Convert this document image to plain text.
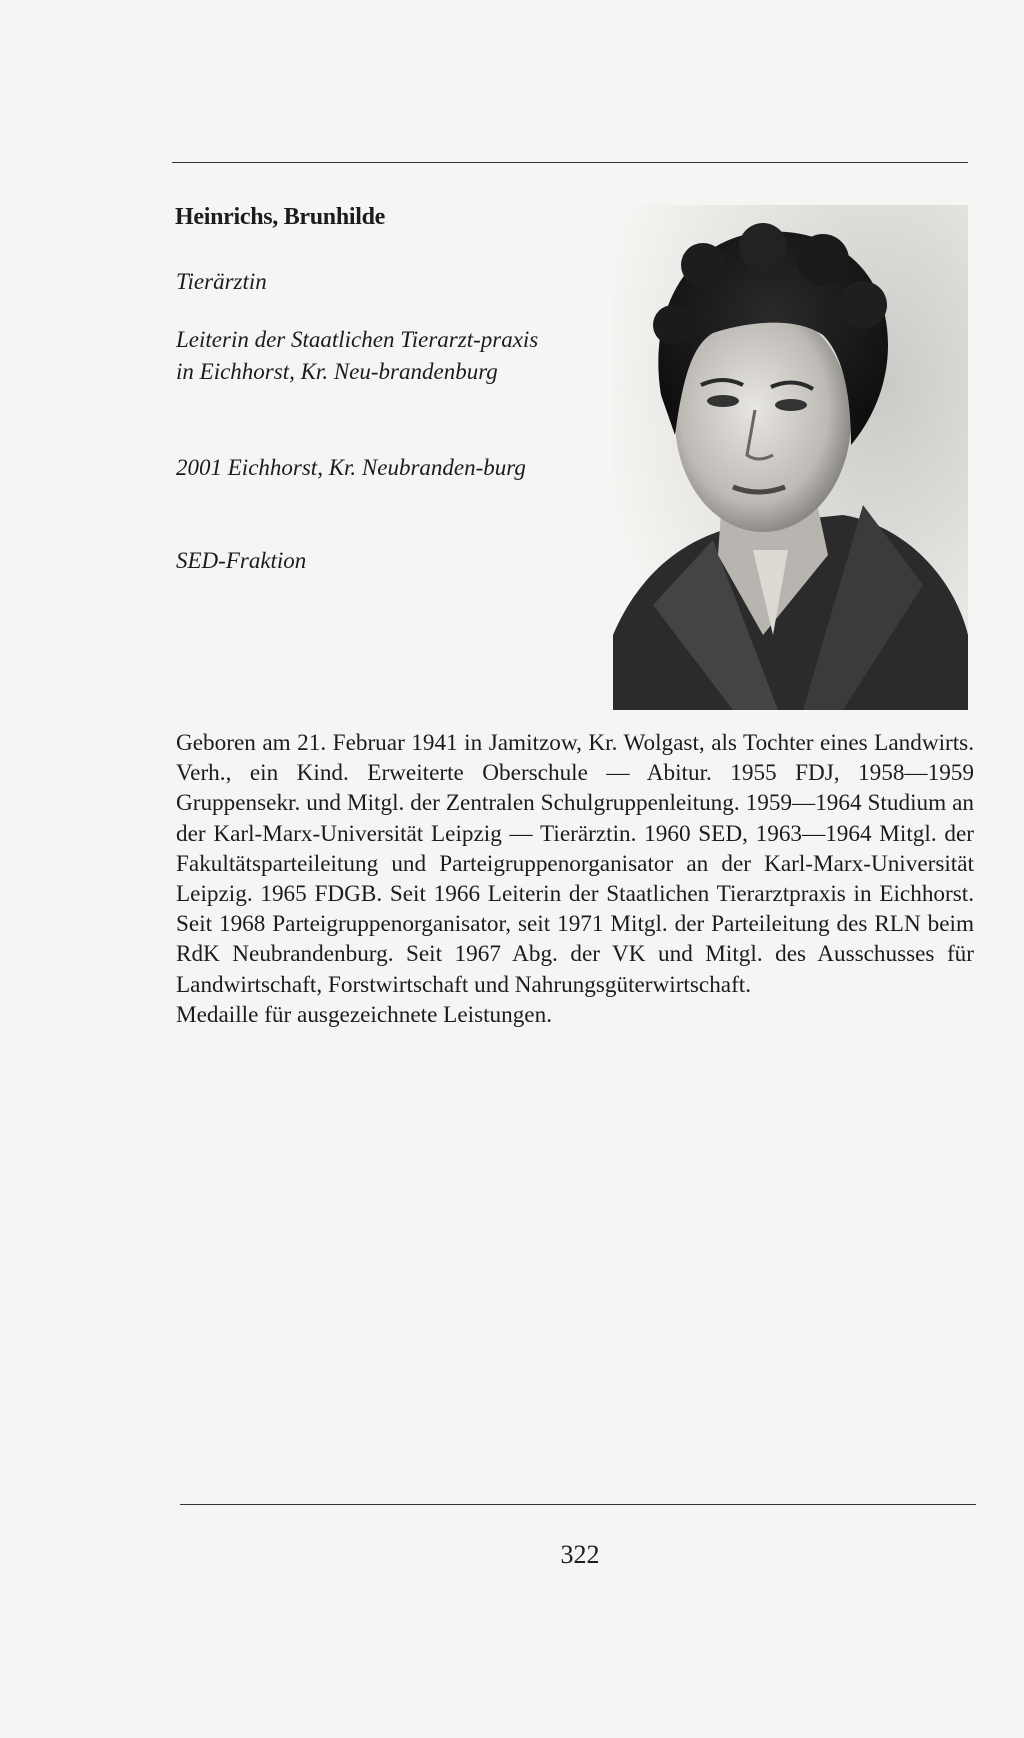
Heinrichs, Brunhilde
Tierärztin
Leiterin der Staatlichen Tierarzt-praxis in Eichhorst, Kr. Neu-brandenburg
2001 Eichhorst, Kr. Neubranden-burg
SED-Fraktion

Geboren am 21. Februar 1941 in Jamitzow, Kr. Wolgast, als Tochter eines Landwirts. Verh., ein Kind. Erweiterte Oberschule — Abitur. 1955 FDJ, 1958—1959 Gruppensekr. und Mitgl. der Zentralen Schulgruppenleitung. 1959—1964 Studium an der Karl-Marx-Universität Leipzig — Tierärztin. 1960 SED, 1963—1964 Mitgl. der Fakultätsparteileitung und Parteigruppenorganisator an der Karl-Marx-Universität Leipzig. 1965 FDGB. Seit 1966 Leiterin der Staatlichen Tierarztpraxis in Eichhorst. Seit 1968 Parteigruppenorganisator, seit 1971 Mitgl. der Parteileitung des RLN beim RdK Neubrandenburg. Seit 1967 Abg. der VK und Mitgl. des Ausschusses für Landwirtschaft, Forstwirtschaft und Nahrungsgüterwirtschaft.

Medaille für ausgezeichnete Leistungen.

322
